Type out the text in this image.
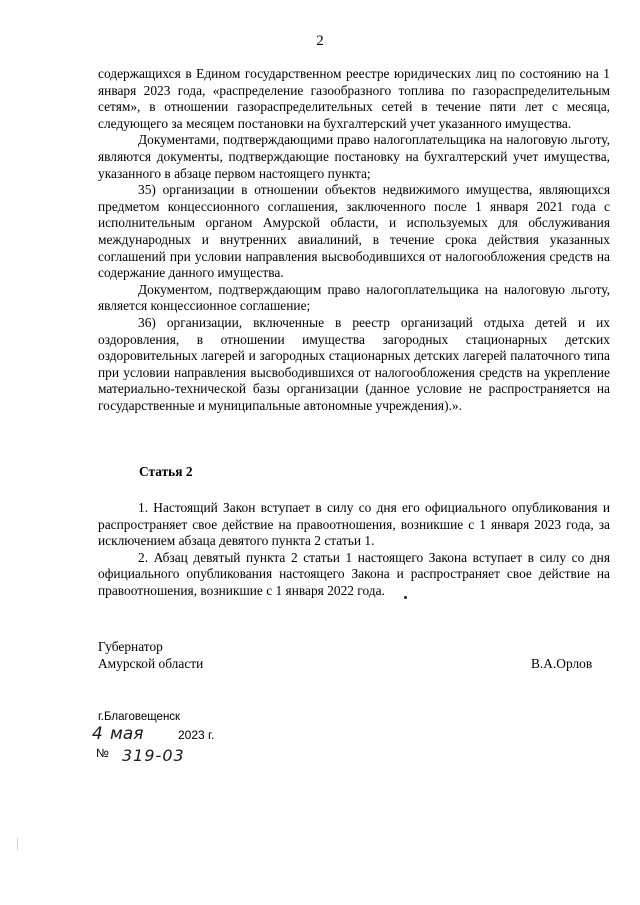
2

содержащихся в Едином государственном реестре юридических лиц по состоянию на 1 января 2023 года, «распределение газообразного топлива по газораспределительным сетям», в отношении газораспределительных сетей в течение пяти лет с месяца, следующего за месяцем постановки на бухгалтерский учет указанного имущества.

Документами, подтверждающими право налогоплательщика на налоговую льготу, являются документы, подтверждающие постановку на бухгалтерский учет имущества, указанного в абзаце первом настоящего пункта;

35) организации в отношении объектов недвижимого имущества, являющихся предметом концессионного соглашения, заключенного после 1 января 2021 года с исполнительным органом Амурской области, и используемых для обслуживания международных и внутренних авиалиний, в течение срока действия указанных соглашений при условии направления высвободившихся от налогообложения средств на содержание данного имущества.

Документом, подтверждающим право налогоплательщика на налоговую льготу, является концессионное соглашение;

36) организации, включенные в реестр организаций отдыха детей и их оздоровления, в отношении имущества загородных стационарных детских оздоровительных лагерей и загородных стационарных детских лагерей палаточного типа при условии направления высвободившихся от налогообложения средств на укрепление материально-технической базы организации (данное условие не распространяется на государственные и муниципальные автономные учреждения).».

Статья 2

1. Настоящий Закон вступает в силу со дня его официального опубликования и распространяет свое действие на правоотношения, возникшие с 1 января 2023 года, за исключением абзаца девятого пункта 2 статьи 1.

2. Абзац девятый пункта 2 статьи 1 настоящего Закона вступает в силу со дня официального опубликования настоящего Закона и распространяет свое действие на правоотношения, возникшие с 1 января 2022 года.

Губернатор
Амурской области	В.А.Орлов
г.Благовещенск
4 мая	2023 г.
№ 319-03
